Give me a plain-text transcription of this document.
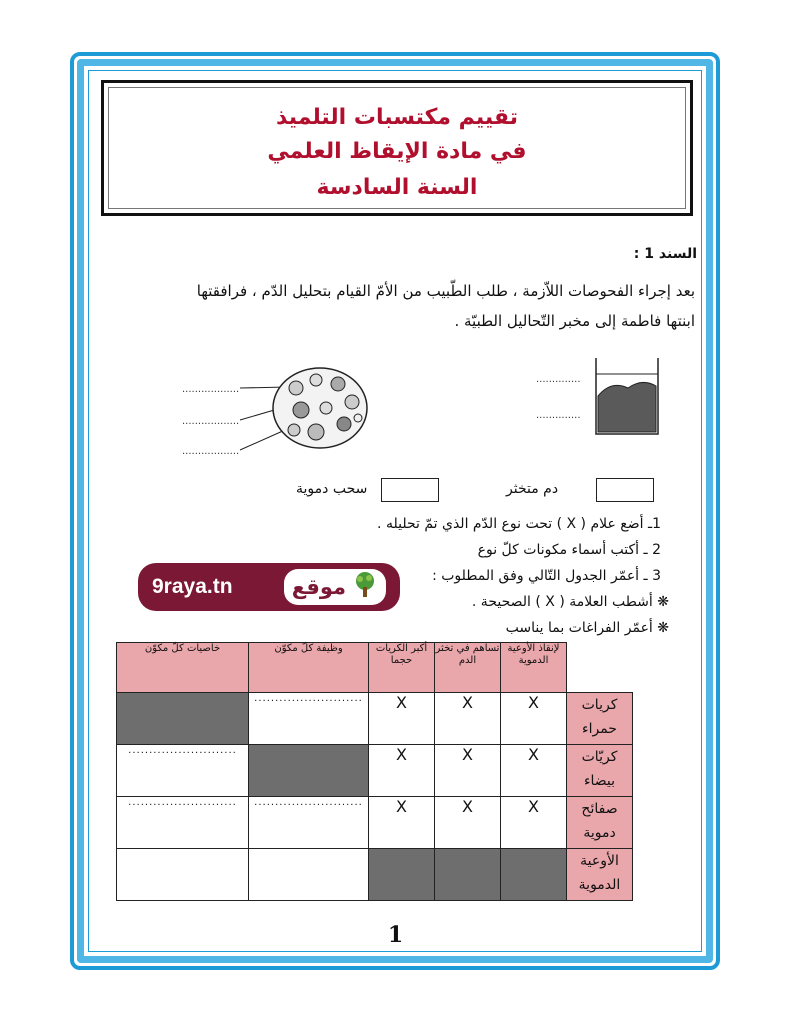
تقييم مكتسبات التلميذ
في مادة الإيقاظ العلمي
السنة السادسة
السند 1 :
بعد إجراء الفحوصات اللاّزمة ، طلب الطّبيب من الأمّ القيام بتحليل الدّم ، فرافقتها
ابنتها فاطمة إلى مخبر التّحاليل الطبيّة .
..................
..................
..................
..............
..............
سحب دموية	دم متخثر
1ـ أضع علام ( X ) تحت نوع الدّم الذي تمّ تحليله .
2 ـ أكتب أسماء مكونات كلّ نوع
3 ـ أعمّر الجدول التّالي وفق المطلوب :
❋ أشطب العلامة ( X ) الصحيحة .
❋ أعمّر الفراغات بما يناسب
9raya.tn	موقع
	لإنقاذ الأوعية الدموية	تساهم في تخثر الدم	أكبر الكريات حجما	وظيفة كلّ مكوّن	خاصيات كلّ مكوّن
كريات حمراء	X	X	X	..........................	
كريّات بيضاء	X	X	X		..........................
صفائح دموية	X	X	X	..........................	..........................
الأوعية الدموية					
1
